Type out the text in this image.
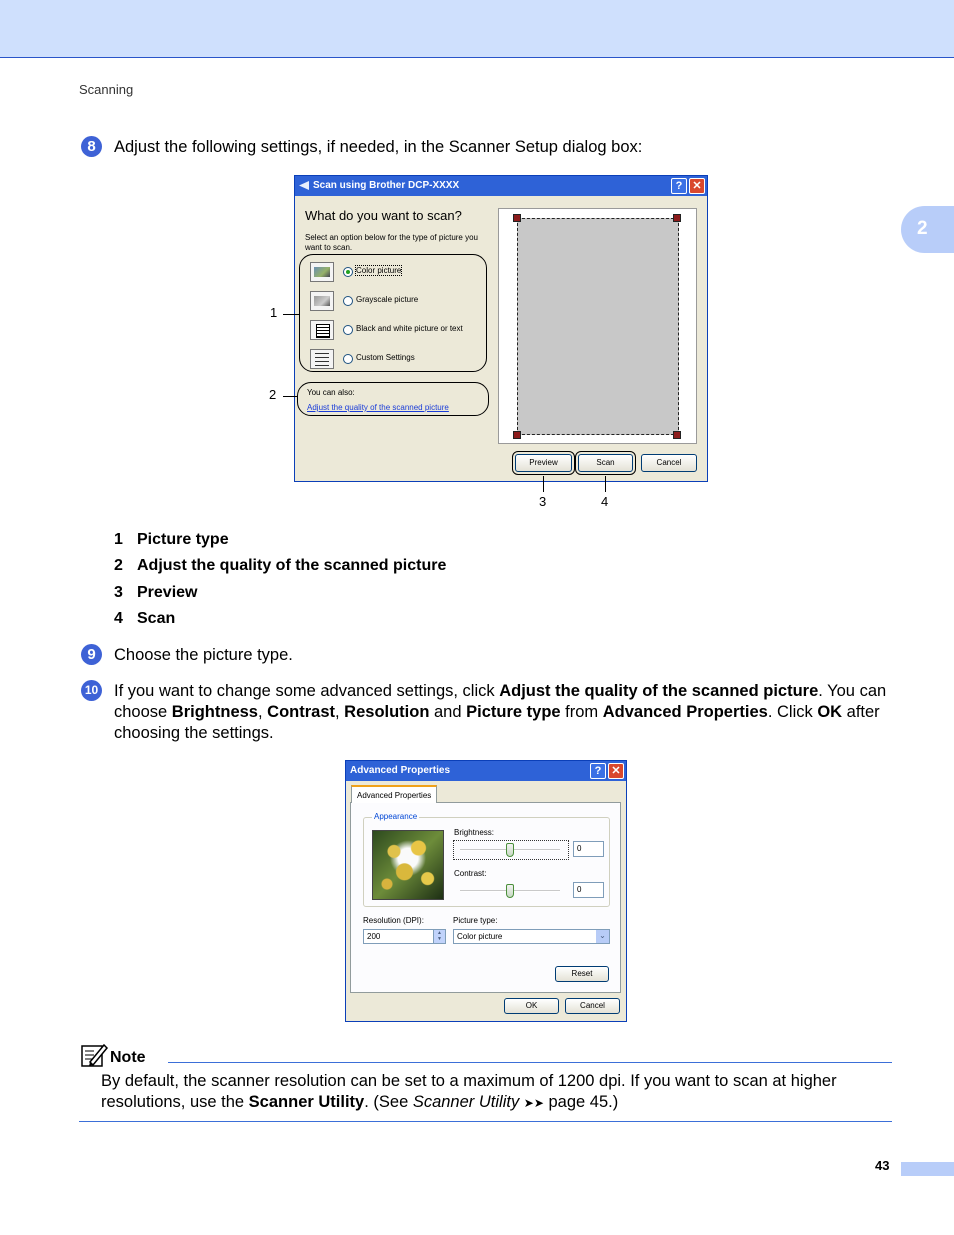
Scanning
2
8	Adjust the following settings, if needed, in the Scanner Setup dialog box:
Scan using Brother DCP-XXXX	? ✕
What do you want to scan?
Select an option below for the type of picture you want to scan.
Color picture
Grayscale picture
Black and white picture or text
Custom Settings
You can also:
Adjust the quality of the scanned picture
Preview	Scan	Cancel
1
2
3	4
1 Picture type
2 Adjust the quality of the scanned picture
3 Preview
4 Scan
9	Choose the picture type.
10 If you want to change some advanced settings, click Adjust the quality of the scanned picture. You can choose Brightness, Contrast, Resolution and Picture type from Advanced Properties. Click OK after choosing the settings.
Advanced Properties	? ✕
Appearance
Brightness:
0
Contrast:
0
Resolution (DPI):
200	▲
▼
Picture type:
Color picture	⌄
Reset
OK	Cancel
Advanced Properties
Note
By default, the scanner resolution can be set to a maximum of 1200 dpi. If you want to scan at higher resolutions, use the Scanner Utility. (See Scanner Utility ➤➤ page 45.)
43
